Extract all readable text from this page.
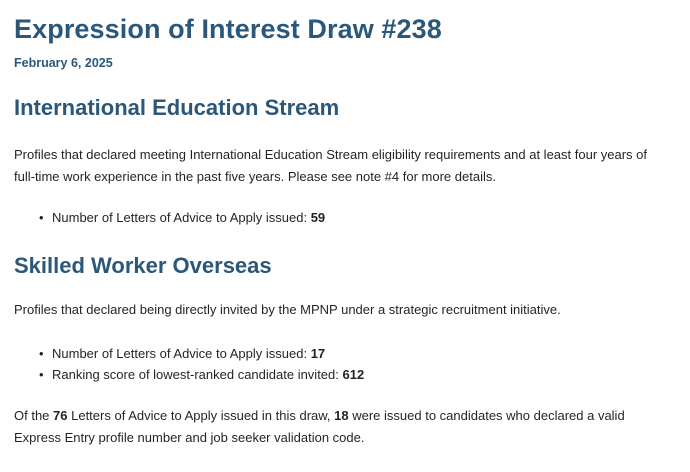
Expression of Interest Draw #238
February 6, 2025
International Education Stream

Profiles that declared meeting International Education Stream eligibility requirements and at least four years of full-time work experience in the past five years. Please see note #4 for more details.

• Number of Letters of Advice to Apply issued: 59
Skilled Worker Overseas

Profiles that declared being directly invited by the MPNP under a strategic recruitment initiative.

• Number of Letters of Advice to Apply issued: 17
• Ranking score of lowest-ranked candidate invited: 612

Of the 76 Letters of Advice to Apply issued in this draw, 18 were issued to candidates who declared a valid Express Entry profile number and job seeker validation code.
